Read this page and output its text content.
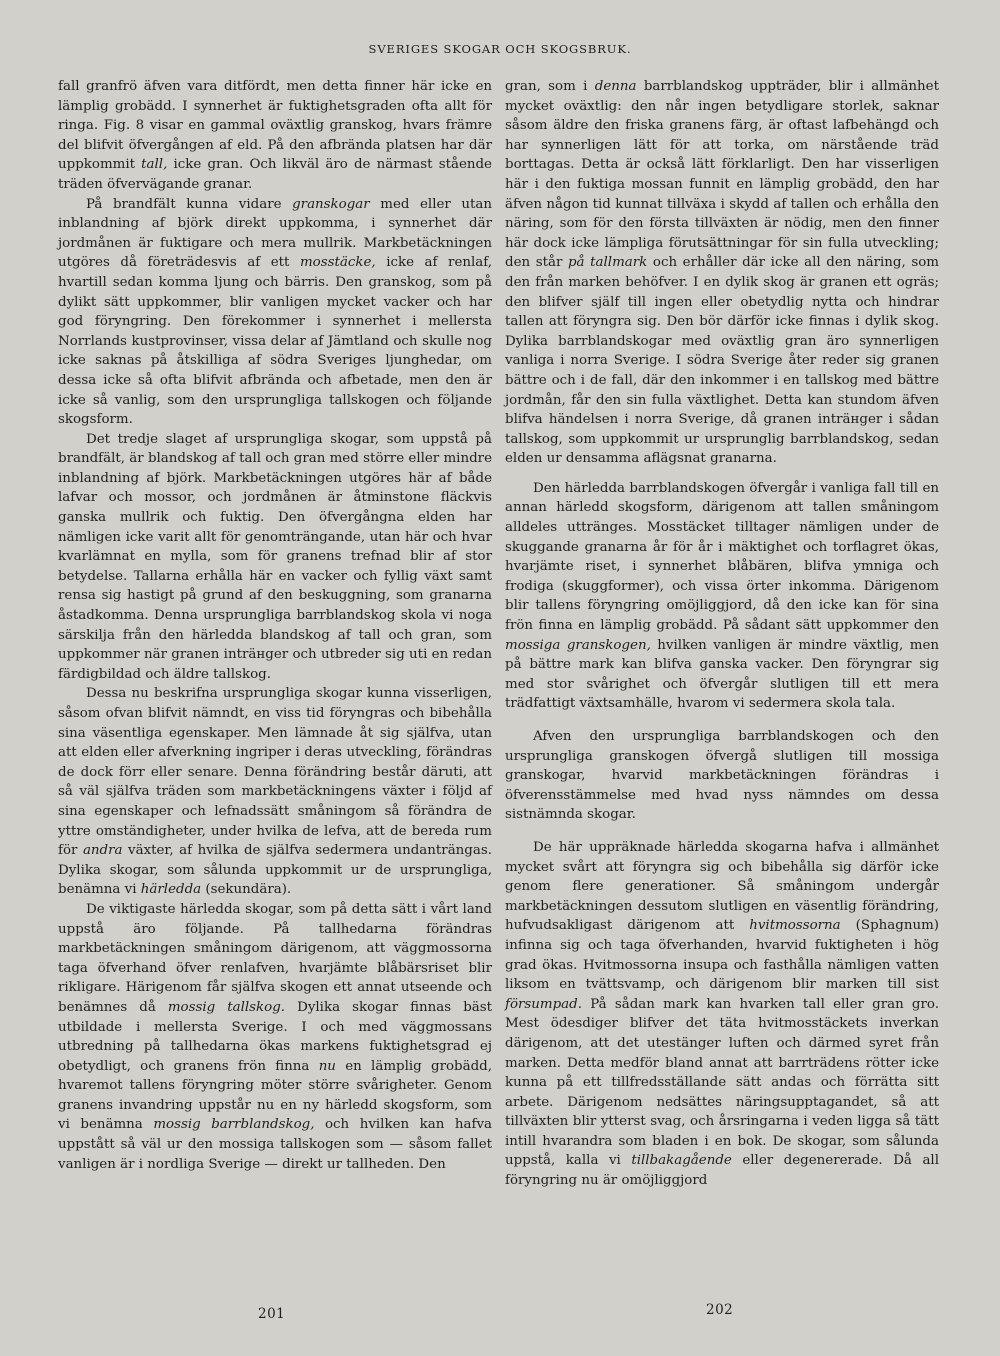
SVERIGES SKOGAR OCH SKOGSBRUK.

fall granfrö äfven vara ditfördt, men detta finner här icke en lämplig grobädd. I synnerhet är fuktighetsgraden ofta allt för ringa. Fig. 8 visar en gammal oväxtlig granskog, hvars främre del blifvit öfvergången af eld. På den afbrända platsen har där uppkommit tall, icke gran. Och likväl äro de närmast stående träden öfvervägande granar.

På brandfält kunna vidare granskogar med eller utan inblandning af björk direkt uppkomma, i synnerhet där jordmånen är fuktigare och mera mullrik. Markbetäckningen utgöres då företrädesvis af ett mosstäcke, icke af renlaf, hvartill sedan komma ljung och bärris. Den granskog, som på dylikt sätt uppkommer, blir vanligen mycket vacker och har god föryngring. Den förekommer i synnerhet i mellersta Norrlands kustprovinser, vissa delar af Jämtland och skulle nog icke saknas på åtskilliga af södra Sveriges ljunghedar, om dessa icke så ofta blifvit afbrända och afbetade, men den är icke så vanlig, som den ursprungliga tallskogen och följande skogsform.

Det tredje slaget af ursprungliga skogar, som uppstå på brandfält, är blandskog af tall och gran med större eller mindre inblandning af björk. Markbetäckningen utgöres här af både lafvar och mossor, och jordmånen är åtminstone fläckvis ganska mullrik och fuktig. Den öfvergångna elden har nämligen icke varit allt för genomträngande, utan här och hvar kvarlämnat en mylla, som för granens trefnad blir af stor betydelse. Tallarna erhålla här en vacker och fyllig växt samt rensa sig hastigt på grund af den beskuggning, som granarna åstadkomma. Denna ursprungliga barrblandskog skola vi noga särskilja från den härledda blandskog af tall och gran, som uppkommer när granen inträнger och utbreder sig uti en redan färdigbildad och äldre tallskog.

Dessa nu beskrifna ursprungliga skogar kunna visserligen, såsom ofvan blifvit nämndt, en viss tid föryngras och bibehålla sina väsentliga egenskaper. Men lämnade åt sig själfva, utan att elden eller afverkning ingriper i deras utveckling, förändras de dock förr eller senare. Denna förändring består däruti, att så väl själfva träden som markbetäckningens växter i följd af sina egenskaper och lefnadssätt småningom så förändra de yttre omständigheter, under hvilka de lefva, att de bereda rum för andra växter, af hvilka de själfva sedermera undanträngas. Dylika skogar, som sålunda uppkommit ur de ursprungliga, benämna vi härledda (sekundära).

De viktigaste härledda skogar, som på detta sätt i vårt land uppstå äro följande. På tallhedarna förändras markbetäckningen småningom därigenom, att väggmossorna taga öfverhand öfver renlafven, hvarjämte blåbärsriset blir rikligare. Härigenom får själfva skogen ett annat utseende och benämnes då mossig tallskog. Dylika skogar finnas bäst utbildade i mellersta Sverige. I och med väggmossans utbredning på tallhedarna ökas markens fuktighetsgrad ej obetydligt, och granens frön finna nu en lämplig grobädd, hvaremot tallens föryngring möter större svårigheter. Genom granens invandring uppstår nu en ny härledd skogsform, som vi benämna mossig barrblandskog, och hvilken kan hafva uppstått så väl ur den mossiga tallskogen som — såsom fallet vanligen är i nordliga Sverige — direkt ur tallheden. Den

gran, som i denna barrblandskog uppträder, blir i allmänhet mycket oväxtlig: den når ingen betydligare storlek, saknar såsom äldre den friska granens färg, är oftast lafbehängd och har synnerligen lätt för att torka, om närstående träd borttagas. Detta är också lätt förklarligt. Den har visserligen här i den fuktiga mossan funnit en lämplig grobädd, den har äfven någon tid kunnat tillväxa i skydd af tallen och erhålla den näring, som för den första tillväxten är nödig, men den finner här dock icke lämpliga förutsättningar för sin fulla utveckling; den står på tallmark och erhåller där icke all den näring, som den från marken behöfver. I en dylik skog är granen ett ogräs; den blifver själf till ingen eller obetydlig nytta och hindrar tallen att föryngra sig. Den bör därför icke finnas i dylik skog. Dylika barrblandskogar med oväxtlig gran äro synnerligen vanliga i norra Sverige. I södra Sverige åter reder sig granen bättre och i de fall, där den inkommer i en tallskog med bättre jordmån, får den sin fulla växtlighet. Detta kan stundom äfven blifva händelsen i norra Sverige, då granen inträнger i sådan tallskog, som uppkommit ur ursprunglig barrblandskog, sedan elden ur densamma aflägsnat granarna.

Den härledda barrblandskogen öfvergår i vanliga fall till en annan härledd skogsform, därigenom att tallen småningom alldeles uttränges. Mosstäcket tilltager nämligen under de skuggande granarna år för år i mäktighet och torflagret ökas, hvarjämte riset, i synnerhet blåbären, blifva ymniga och frodiga (skuggformer), och vissa örter inkomma. Därigenom blir tallens föryngring omöjliggjord, då den icke kan för sina frön finna en lämplig grobädd. På sådant sätt uppkommer den mossiga granskogen, hvilken vanligen är mindre växtlig, men på bättre mark kan blifva ganska vacker. Den föryngrar sig med stor svårighet och öfvergår slutligen till ett mera trädfattigt växtsamhälle, hvarom vi sedermera skola tala.

Afven den ursprungliga barrblandskogen och den ursprungliga granskogen öfvergå slutligen till mossiga granskogar, hvarvid markbetäckningen förändras i öfverensstämmelse med hvad nyss nämndes om dessa sistnämnda skogar.

De här uppräknade härledda skogarna hafva i allmänhet mycket svårt att föryngra sig och bibehålla sig därför icke genom flere generationer. Så småningom undergår markbetäckningen dessutom slutligen en väsentlig förändring, hufvudsakligast därigenom att hvitmossorna (Sphagnum) infinna sig och taga öfverhanden, hvarvid fuktigheten i hög grad ökas. Hvitmossorna insupa och fasthålla nämligen vatten liksom en tvättsvamp, och därigenom blir marken till sist försumpad. På sådan mark kan hvarken tall eller gran gro. Mest ödesdiger blifver det täta hvitmosstäckets inverkan därigenom, att det utestänger luften och därmed syret från marken. Detta medför bland annat att barrträdens rötter icke kunna på ett tillfredsställande sätt andas och förrätta sitt arbete. Därigenom nedsättes näringsupptagandet, så att tillväxten blir ytterst svag, och årsringarna i veden ligga så tätt intill hvarandra som bladen i en bok. De skogar, som sålunda uppstå, kalla vi tillbakagående eller degenererade. Då all föryngring nu är omöjliggjord

201	202
